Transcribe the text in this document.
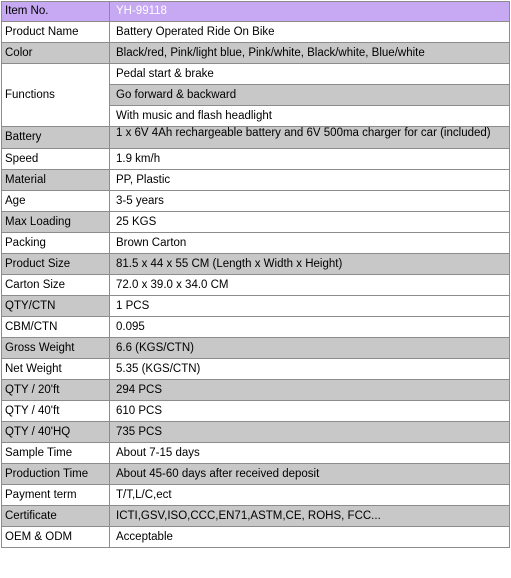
Item No.	YH-99118
Product Name	Battery Operated Ride On Bike
Color	Black/red, Pink/light blue, Pink/white, Black/white, Blue/white
Functions	Pedal start & brake
	Go forward & backward
	With music and flash headlight
Battery	1 x 6V 4Ah rechargeable battery and 6V 500ma charger for car (included)
Speed	1.9 km/h
Material	PP, Plastic
Age	3-5 years
Max Loading	25 KGS
Packing	Brown Carton
Product Size	81.5 x 44 x 55 CM (Length x Width x Height)
Carton Size	72.0 x 39.0 x 34.0 CM
QTY/CTN	1 PCS
CBM/CTN	0.095
Gross Weight	6.6 (KGS/CTN)
Net Weight	5.35 (KGS/CTN)
QTY / 20'ft	294 PCS
QTY / 40'ft	610 PCS
QTY / 40'HQ	735 PCS
Sample Time	About 7-15 days
Production Time	About 45-60 days after received deposit
Payment term	T/T,L/C,ect
Certificate	ICTI,GSV,ISO,CCC,EN71,ASTM,CE, ROHS, FCC...
OEM & ODM	Acceptable
